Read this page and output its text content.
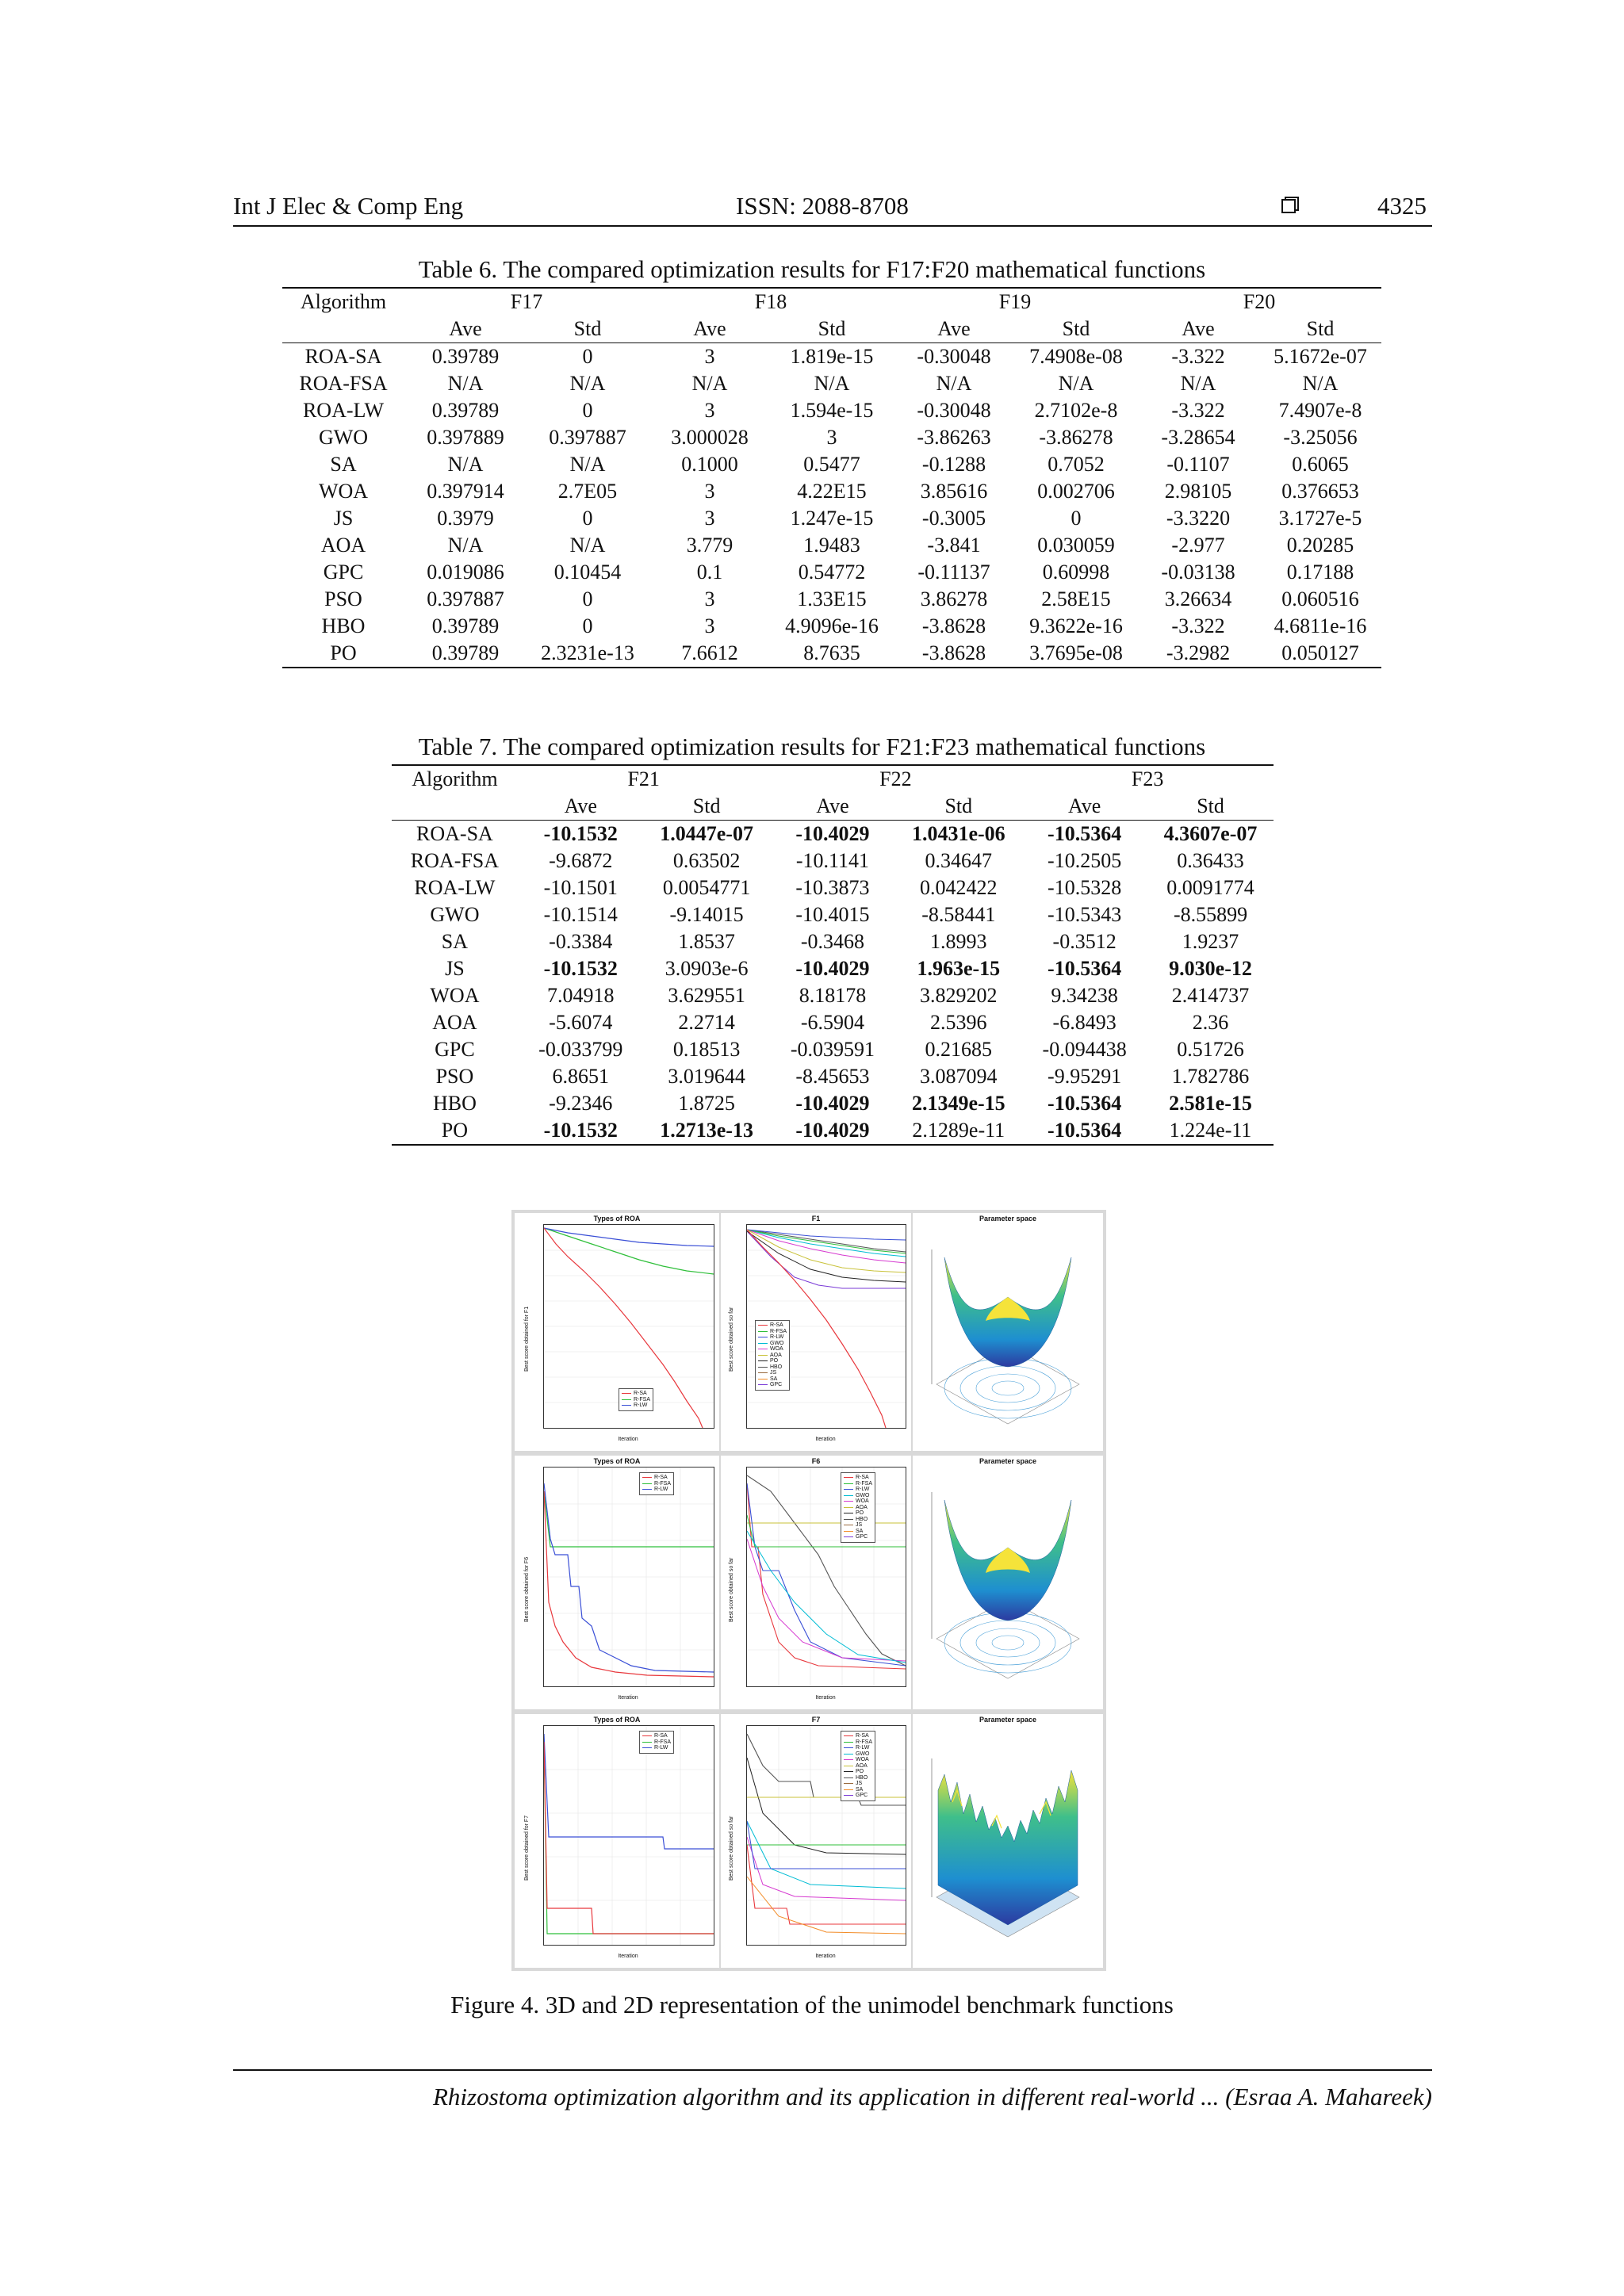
Int J Elec & Comp Eng	ISSN: 2088-8708	4325
Table 6. The compared optimization results for F17:F20 mathematical functions
Algorithm	F17		F18		F19		F20	
	Ave	Std	Ave	Std	Ave	Std	Ave	Std
ROA-SA	0.39789	0	3	1.819e-15	-0.30048	7.4908e-08	-3.322	5.1672e-07
ROA-FSA	N/A	N/A	N/A	N/A	N/A	N/A	N/A	N/A
ROA-LW	0.39789	0	3	1.594e-15	-0.30048	2.7102e-8	-3.322	7.4907e-8
GWO	0.397889	0.397887	3.000028	3	-3.86263	-3.86278	-3.28654	-3.25056
SA	N/A	N/A	0.1000	0.5477	-0.1288	0.7052	-0.1107	0.6065
WOA	0.397914	2.7E05	3	4.22E15	3.85616	0.002706	2.98105	0.376653
JS	0.3979	0	3	1.247e-15	-0.3005	0	-3.3220	3.1727e-5
AOA	N/A	N/A	3.779	1.9483	-3.841	0.030059	-2.977	0.20285
GPC	0.019086	0.10454	0.1	0.54772	-0.11137	0.60998	-0.03138	0.17188
PSO	0.397887	0	3	1.33E15	3.86278	2.58E15	3.26634	0.060516
HBO	0.39789	0	3	4.9096e-16	-3.8628	9.3622e-16	-3.322	4.6811e-16
PO	0.39789	2.3231e-13	7.6612	8.7635	-3.8628	3.7695e-08	-3.2982	0.050127
Table 7. The compared optimization results for F21:F23 mathematical functions
Algorithm	F21		F22		F23	
	Ave	Std	Ave	Std	Ave	Std
ROA-SA	-10.1532	1.0447e-07	-10.4029	1.0431e-06	-10.5364	4.3607e-07
ROA-FSA	-9.6872	0.63502	-10.1141	0.34647	-10.2505	0.36433
ROA-LW	-10.1501	0.0054771	-10.3873	0.042422	-10.5328	0.0091774
GWO	-10.1514	-9.14015	-10.4015	-8.58441	-10.5343	-8.55899
SA	-0.3384	1.8537	-0.3468	1.8993	-0.3512	1.9237
JS	-10.1532	3.0903e-6	-10.4029	1.963e-15	-10.5364	9.030e-12
WOA	7.04918	3.629551	8.18178	3.829202	9.34238	2.414737
AOA	-5.6074	2.2714	-6.5904	2.5396	-6.8493	2.36
GPC	-0.033799	0.18513	-0.039591	0.21685	-0.094438	0.51726
PSO	6.8651	3.019644	-8.45653	3.087094	-9.95291	1.782786
HBO	-9.2346	1.8725	-10.4029	2.1349e-15	-10.5364	2.581e-15
PO	-10.1532	1.2713e-13	-10.4029	2.1289e-11	-10.5364	1.224e-11
Types of ROA
R-SA
R-FSA
R-LW
Best score obtained for F1
Iteration
F1
R-SA
R-FSA
R-LW
GWO
WOA
AOA
PO
HBO
JS
SA
GPC
Best score obtained so far
Iteration
Parameter space
Types of ROA
R-SA
R-FSA
R-LW
Best score obtained for F6
Iteration
F6
R-SA
R-FSA
R-LW
GWO
WOA
AOA
PO
HBO
JS
SA
GPC
Best score obtained so far
Iteration
Parameter space
Types of ROA
R-SA
R-FSA
R-LW
Best score obtained for F7
Iteration
F7
R-SA
R-FSA
R-LW
GWO
WOA
AOA
PO
HBO
JS
SA
GPC
Best score obtained so far
Iteration
Parameter space
Figure 4. 3D and 2D representation of the unimodel benchmark functions
Rhizostoma optimization algorithm and its application in different real-world ... (Esraa A. Mahareek)
